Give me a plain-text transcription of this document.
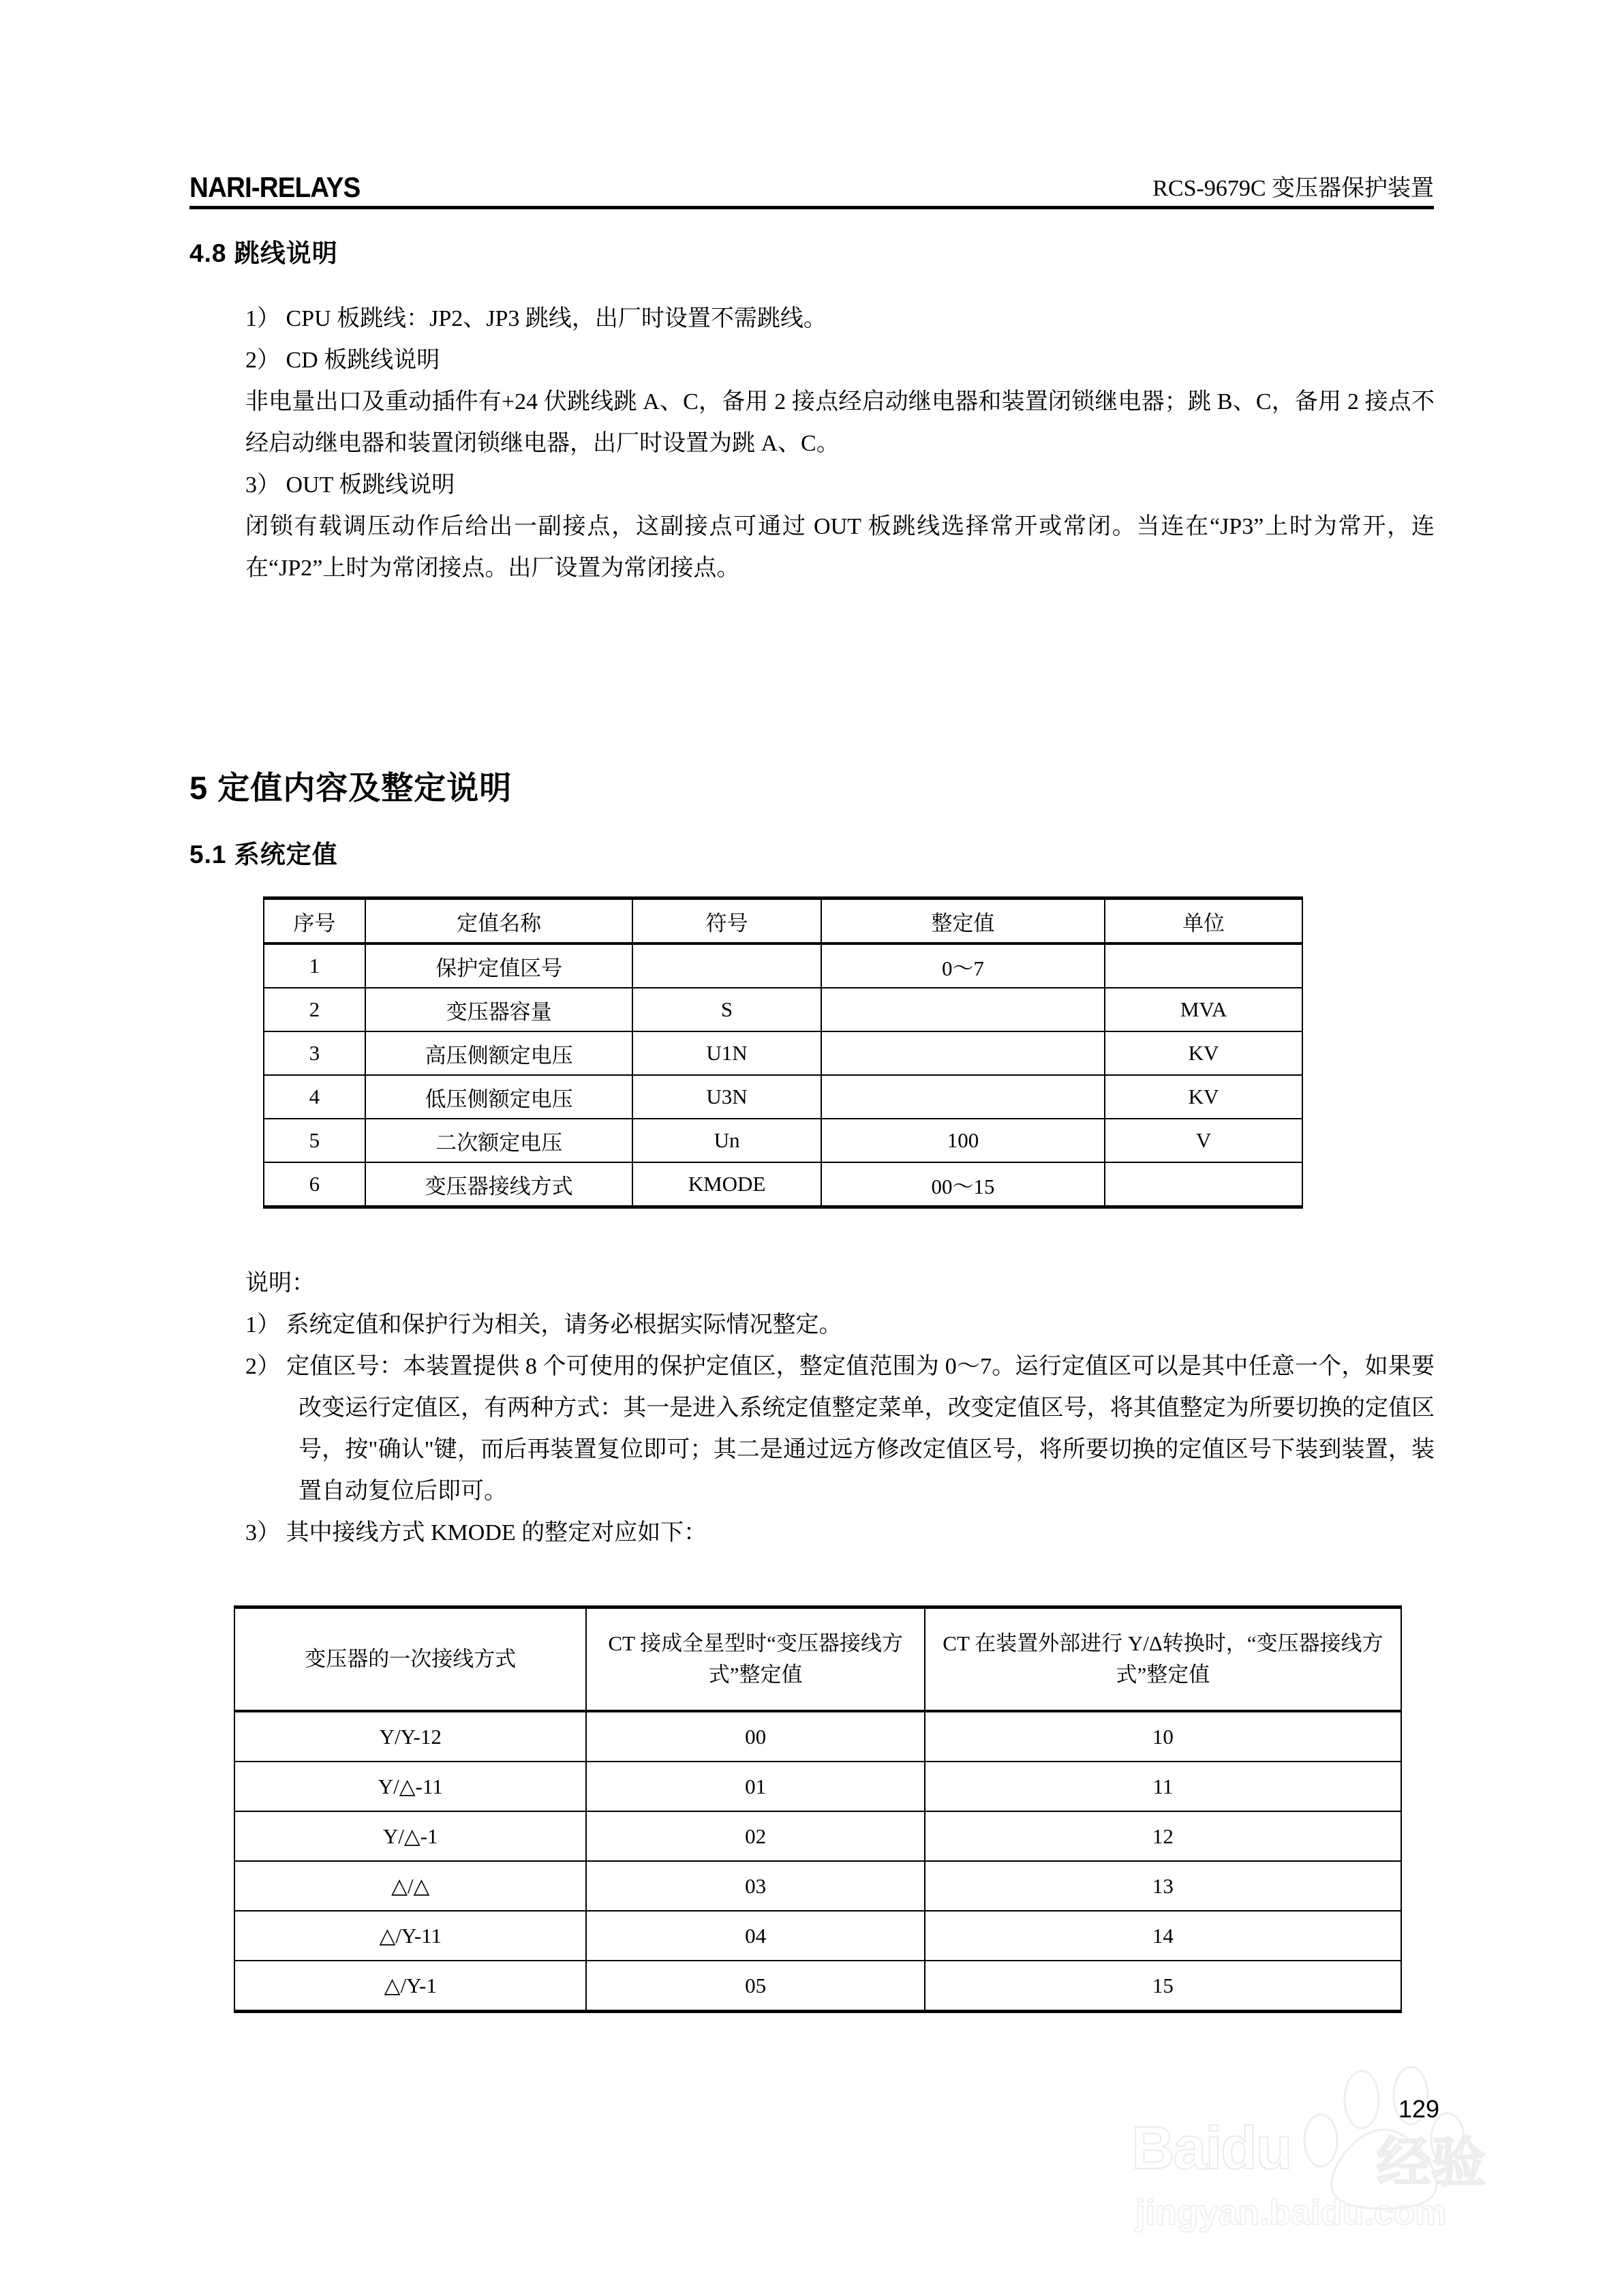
NARI-RELAYS	RCS-9679C 变压器保护装置
4.8 跳线说明
1） CPU 板跳线：JP2、JP3 跳线，出厂时设置不需跳线。
2） CD 板跳线说明
非电量出口及重动插件有+24 伏跳线跳 A、C，备用 2 接点经启动继电器和装置闭锁继电器；跳 B、C，备用 2 接点不经启动继电器和装置闭锁继电器，出厂时设置为跳 A、C。
3） OUT 板跳线说明
闭锁有载调压动作后给出一副接点，这副接点可通过 OUT 板跳线选择常开或常闭。当连在“JP3”上时为常开，连在“JP2”上时为常闭接点。出厂设置为常闭接点。
5 定值内容及整定说明
5.1 系统定值
序号	定值名称	符号	整定值	单位
1	保护定值区号		0～7	
2	变压器容量	S		MVA
3	高压侧额定电压	U1N		KV
4	低压侧额定电压	U3N		KV
5	二次额定电压	Un	100	V
6	变压器接线方式	KMODE	00～15	
说明：
1） 系统定值和保护行为相关，请务必根据实际情况整定。
2） 定值区号：本装置提供 8 个可使用的保护定值区，整定值范围为 0～7。运行定值区可以是其中任意一个，如果要改变运行定值区，有两种方式：其一是进入系统定值整定菜单，改变定值区号，将其值整定为所要切换的定值区号，按"确认"键，而后再装置复位即可；其二是通过远方修改定值区号，将所要切换的定值区号下装到装置，装置自动复位后即可。
3） 其中接线方式 KMODE 的整定对应如下：
变压器的一次接线方式	CT 接成全星型时“变压器接线方式”整定值	CT 在装置外部进行 Y/Δ转换时，“变压器接线方式”整定值
Y/Y-12	00	10
Y/△-11	01	11
Y/△-1	02	12
△/△	03	13
△/Y-11	04	14
△/Y-1	05	15
Baidu 经验
jingyan.baidu.com
129
